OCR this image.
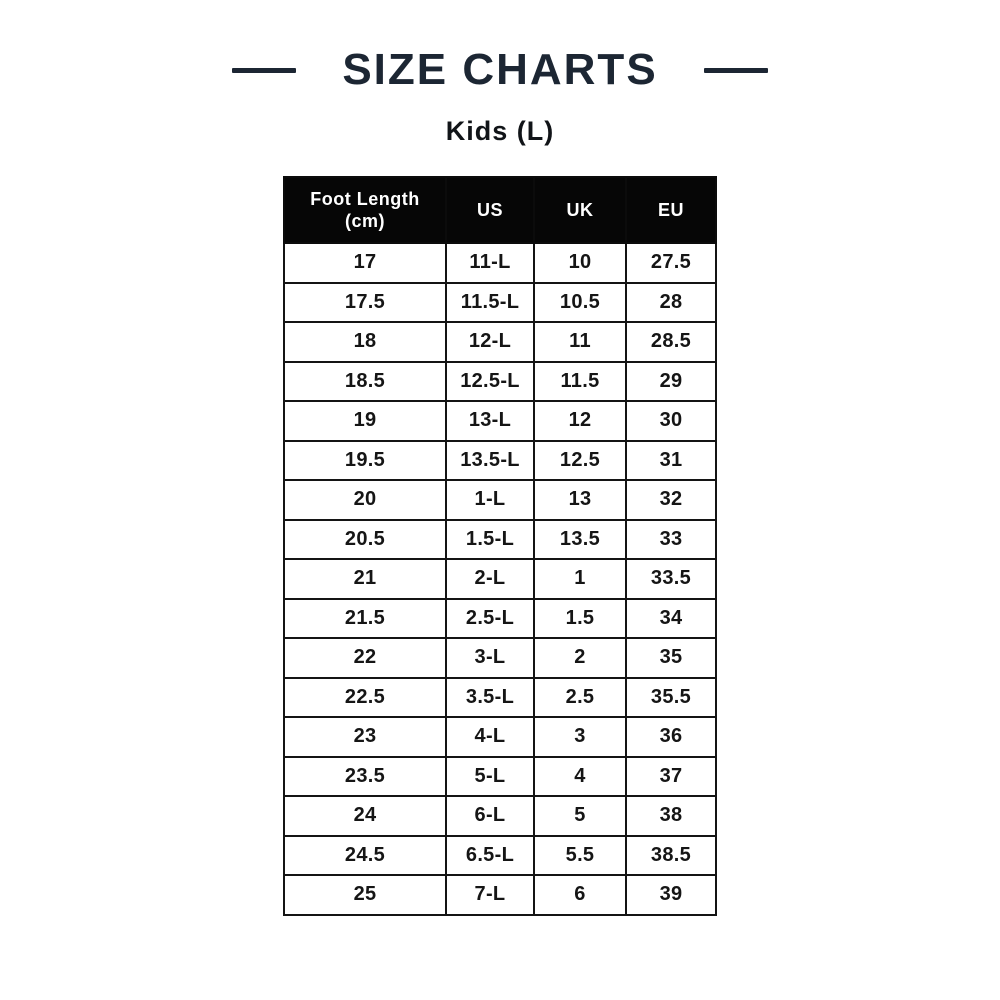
SIZE CHARTS
Kids (L)
Foot Length (cm)	US	UK	EU
17	11-L	10	27.5
17.5	11.5-L	10.5	28
18	12-L	11	28.5
18.5	12.5-L	11.5	29
19	13-L	12	30
19.5	13.5-L	12.5	31
20	1-L	13	32
20.5	1.5-L	13.5	33
21	2-L	1	33.5
21.5	2.5-L	1.5	34
22	3-L	2	35
22.5	3.5-L	2.5	35.5
23	4-L	3	36
23.5	5-L	4	37
24	6-L	5	38
24.5	6.5-L	5.5	38.5
25	7-L	6	39
